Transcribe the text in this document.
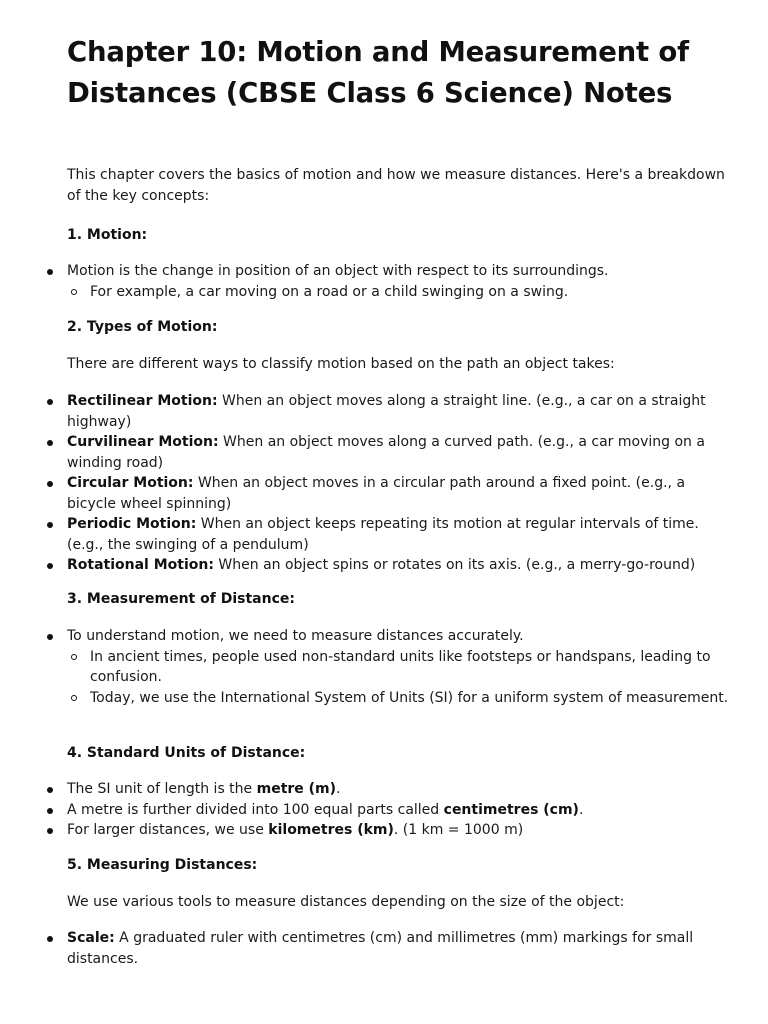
Chapter 10: Motion and Measurement of Distances (CBSE Class 6 Science) Notes

This chapter covers the basics of motion and how we measure distances. Here's a breakdown of the key concepts:

1. Motion:

Motion is the change in position of an object with respect to its surroundings.
For example, a car moving on a road or a child swinging on a swing.

2. Types of Motion:

There are different ways to classify motion based on the path an object takes:

Rectilinear Motion: When an object moves along a straight line. (e.g., a car on a straight highway)
Curvilinear Motion: When an object moves along a curved path. (e.g., a car moving on a winding road)
Circular Motion: When an object moves in a circular path around a fixed point. (e.g., a bicycle wheel spinning)
Periodic Motion: When an object keeps repeating its motion at regular intervals of time. (e.g., the swinging of a pendulum)
Rotational Motion: When an object spins or rotates on its axis. (e.g., a merry-go-round)

3. Measurement of Distance:

To understand motion, we need to measure distances accurately.
In ancient times, people used non-standard units like footsteps or handspans, leading to confusion.
Today, we use the International System of Units (SI) for a uniform system of measurement.

4. Standard Units of Distance:

The SI unit of length is the metre (m).
A metre is further divided into 100 equal parts called centimetres (cm).
For larger distances, we use kilometres (km). (1 km = 1000 m)

5. Measuring Distances:

We use various tools to measure distances depending on the size of the object:

Scale: A graduated ruler with centimetres (cm) and millimetres (mm) markings for small distances.
